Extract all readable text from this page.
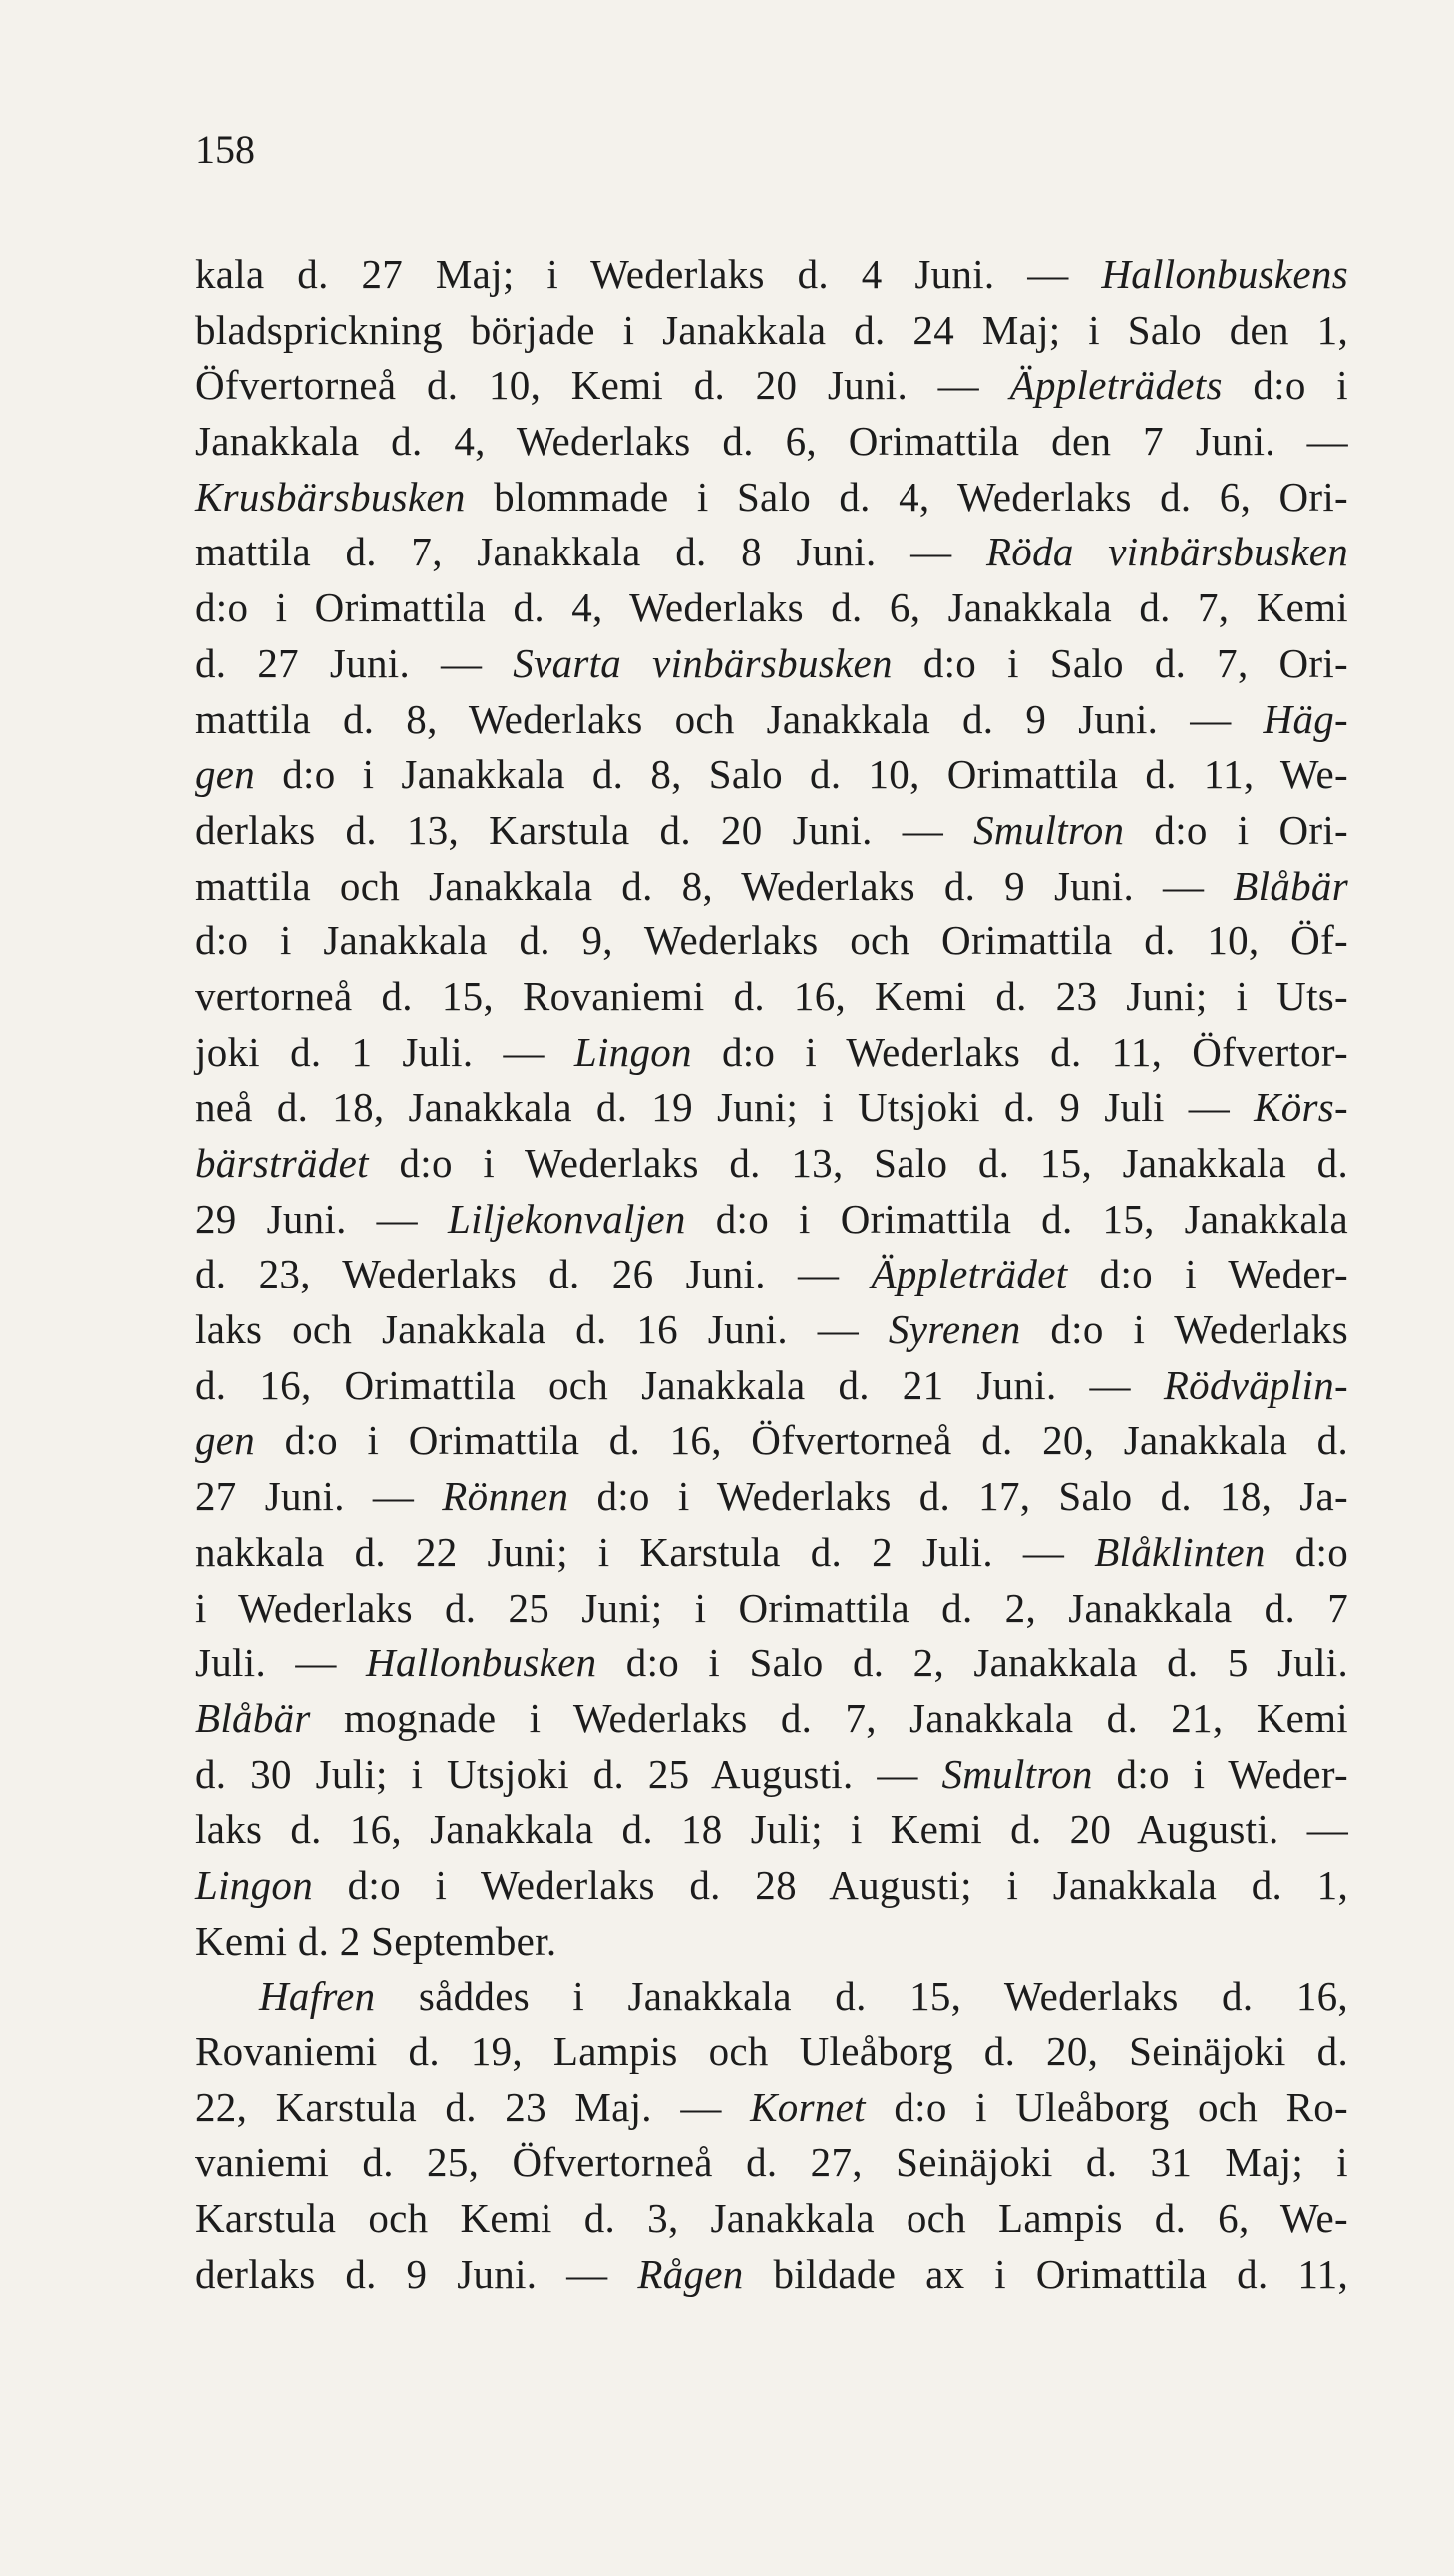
158
kala d. 27 Maj; i Wederlaks d. 4 Juni. — Hallonbuskens
bladsprickning började i Janakkala d. 24 Maj; i Salo den 1,
Öfvertorneå d. 10, Kemi d. 20 Juni. — Äppleträdets d:o i
Janakkala d. 4, Wederlaks d. 6, Orimattila den 7 Juni. —
Krusbärsbusken blommade i Salo d. 4, Wederlaks d. 6, Ori-
mattila d. 7, Janakkala d. 8 Juni. — Röda vinbärsbusken
d:o i Orimattila d. 4, Wederlaks d. 6, Janakkala d. 7, Kemi
d. 27 Juni. — Svarta vinbärsbusken d:o i Salo d. 7, Ori-
mattila d. 8, Wederlaks och Janakkala d. 9 Juni. — Häg-
gen d:o i Janakkala d. 8, Salo d. 10, Orimattila d. 11, We-
derlaks d. 13, Karstula d. 20 Juni. — Smultron d:o i Ori-
mattila och Janakkala d. 8, Wederlaks d. 9 Juni. — Blåbär
d:o i Janakkala d. 9, Wederlaks och Orimattila d. 10, Öf-
vertorneå d. 15, Rovaniemi d. 16, Kemi d. 23 Juni; i Uts-
joki d. 1 Juli. — Lingon d:o i Wederlaks d. 11, Öfvertor-
neå d. 18, Janakkala d. 19 Juni; i Utsjoki d. 9 Juli — Körs-
bärsträdet d:o i Wederlaks d. 13, Salo d. 15, Janakkala d.
29 Juni. — Liljekonvaljen d:o i Orimattila d. 15, Janakkala
d. 23, Wederlaks d. 26 Juni. — Äppleträdet d:o i Weder-
laks och Janakkala d. 16 Juni. — Syrenen d:o i Wederlaks
d. 16, Orimattila och Janakkala d. 21 Juni. — Rödväplin-
gen d:o i Orimattila d. 16, Öfvertorneå d. 20, Janakkala d.
27 Juni. — Rönnen d:o i Wederlaks d. 17, Salo d. 18, Ja-
nakkala d. 22 Juni; i Karstula d. 2 Juli. — Blåklinten d:o
i Wederlaks d. 25 Juni; i Orimattila d. 2, Janakkala d. 7
Juli. — Hallonbusken d:o i Salo d. 2, Janakkala d. 5 Juli.
Blåbär mognade i Wederlaks d. 7, Janakkala d. 21, Kemi
d. 30 Juli; i Utsjoki d. 25 Augusti. — Smultron d:o i Weder-
laks d. 16, Janakkala d. 18 Juli; i Kemi d. 20 Augusti. —
Lingon d:o i Wederlaks d. 28 Augusti; i Janakkala d. 1,
Kemi d. 2 September.
Hafren såddes i Janakkala d. 15, Wederlaks d. 16,
Rovaniemi d. 19, Lampis och Uleåborg d. 20, Seinäjoki d.
22, Karstula d. 23 Maj. — Kornet d:o i Uleåborg och Ro-
vaniemi d. 25, Öfvertorneå d. 27, Seinäjoki d. 31 Maj; i
Karstula och Kemi d. 3, Janakkala och Lampis d. 6, We-
derlaks d. 9 Juni. — Rågen bildade ax i Orimattila d. 11,
